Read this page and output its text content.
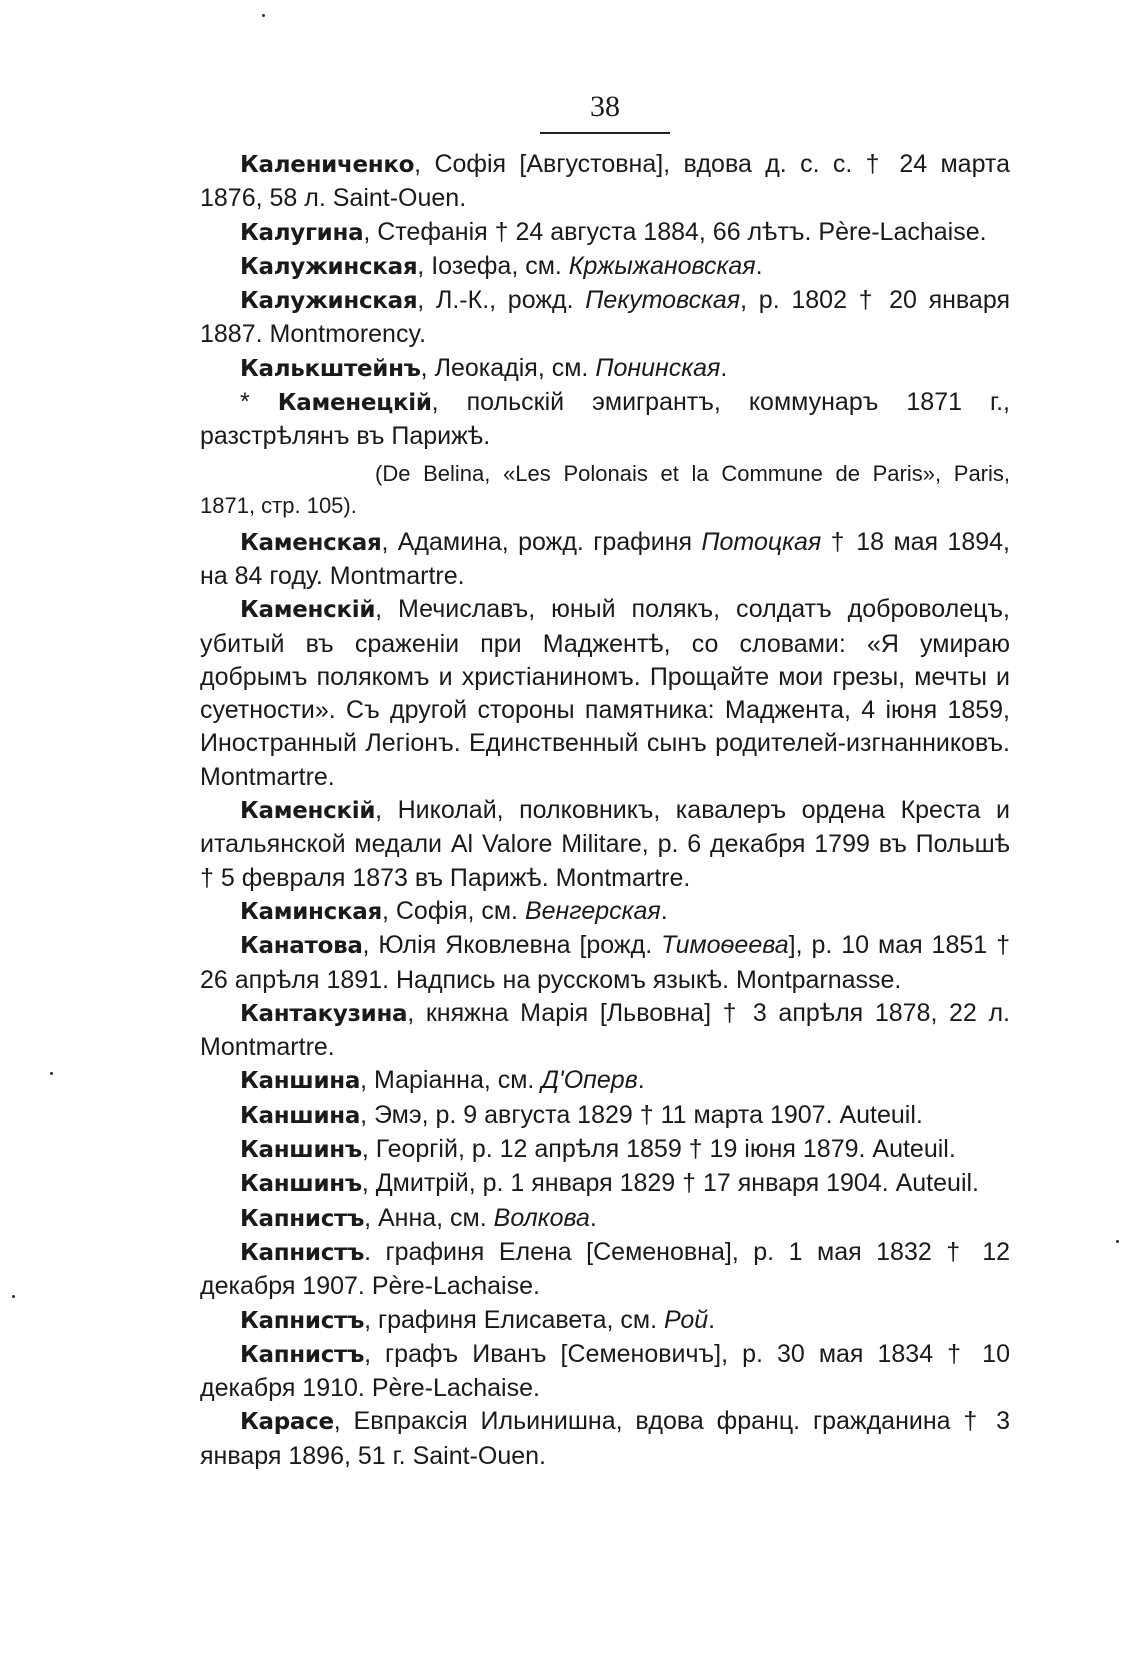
38

Калениченко, Софія [Августовна], вдова д. с. с. † 24 марта 1876, 58 л. Saint-Ouen.

Калугина, Стефанія † 24 августа 1884, 66 лѣтъ. Père-Lachaise.

Калужинская, Іозефа, см. Кржыжановская.

Калужинская, Л.-К., рожд. Пекутовская, р. 1802 † 20 января 1887. Montmorency.

Калькштейнъ, Леокадія, см. Понинская.

* Каменецкій, польскій эмигрантъ, коммунаръ 1871 г., разстрѣлянъ въ Парижѣ.

(De Belina, «Les Polonais et la Commune de Paris», Paris, 1871, стр. 105).

Каменская, Адамина, рожд. графиня Потоцкая † 18 мая 1894, на 84 году. Montmartre.

Каменскій, Мечиславъ, юный полякъ, солдатъ доброволецъ, убитый въ сраженіи при Маджентѣ, со словами: «Я умираю добрымъ полякомъ и христіаниномъ. Прощайте мои грезы, мечты и суетности». Съ другой стороны памятника: Маджента, 4 іюня 1859, Иностранный Легіонъ. Единственный сынъ родителей-изгнанниковъ. Montmartre.

Каменскій, Николай, полковникъ, кавалеръ ордена Креста и итальянской медали Al Valore Militare, р. 6 декабря 1799 въ Польшѣ † 5 февраля 1873 въ Парижѣ. Montmartre.

Каминская, Софія, см. Венгерская.

Канатова, Юлія Яковлевна [рожд. Тимоѳеева], р. 10 мая 1851 † 26 апрѣля 1891. Надпись на русскомъ языкѣ. Montparnasse.

Кантакузина, княжна Марія [Львовна] † 3 апрѣля 1878, 22 л. Montmartre.

Каншина, Маріанна, см. Д'Оперв.

Каншина, Эмэ, р. 9 августа 1829 † 11 марта 1907. Auteuil.

Каншинъ, Георгій, р. 12 апрѣля 1859 † 19 іюня 1879. Auteuil.

Каншинъ, Дмитрій, р. 1 января 1829 † 17 января 1904. Auteuil.

Капнистъ, Анна, см. Волкова.

Капнистъ. графиня Елена [Семеновна], р. 1 мая 1832 † 12 декабря 1907. Père-Lachaise.

Капнистъ, графиня Елисавета, см. Рой.

Капнистъ, графъ Иванъ [Семеновичъ], р. 30 мая 1834 † 10 декабря 1910. Père-Lachaise.

Карасе, Евпраксія Ильинишна, вдова франц. гражданина † 3 января 1896, 51 г. Saint-Ouen.
